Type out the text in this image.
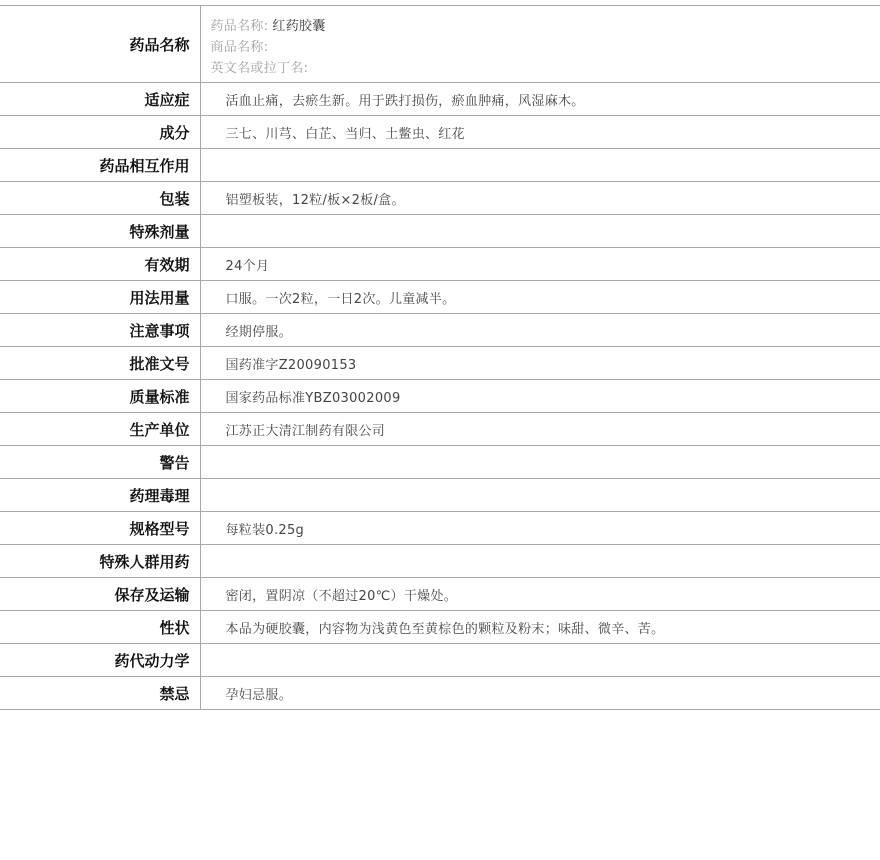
药品名称	药品名称: 红药胶囊
商品名称:
英文名或拉丁名:

适应症	活血止痛，去瘀生新。用于跌打损伤，瘀血肿痛，风湿麻木。
成分	三七、川芎、白芷、当归、土鳖虫、红花
药品相互作用	
包装	铝塑板装，12粒/板×2板/盒。
特殊剂量	
有效期	24个月
用法用量	口服。一次2粒，一日2次。儿童减半。
注意事项	经期停服。
批准文号	国药准字Z20090153
质量标准	国家药品标准YBZ03002009
生产单位	江苏正大清江制药有限公司
警告	
药理毒理	
规格型号	每粒装0.25g
特殊人群用药	
保存及运输	密闭，置阴凉（不超过20℃）干燥处。
性状	本品为硬胶囊，内容物为浅黄色至黄棕色的颗粒及粉末；味甜、微辛、苦。
药代动力学	
禁忌	孕妇忌服。
